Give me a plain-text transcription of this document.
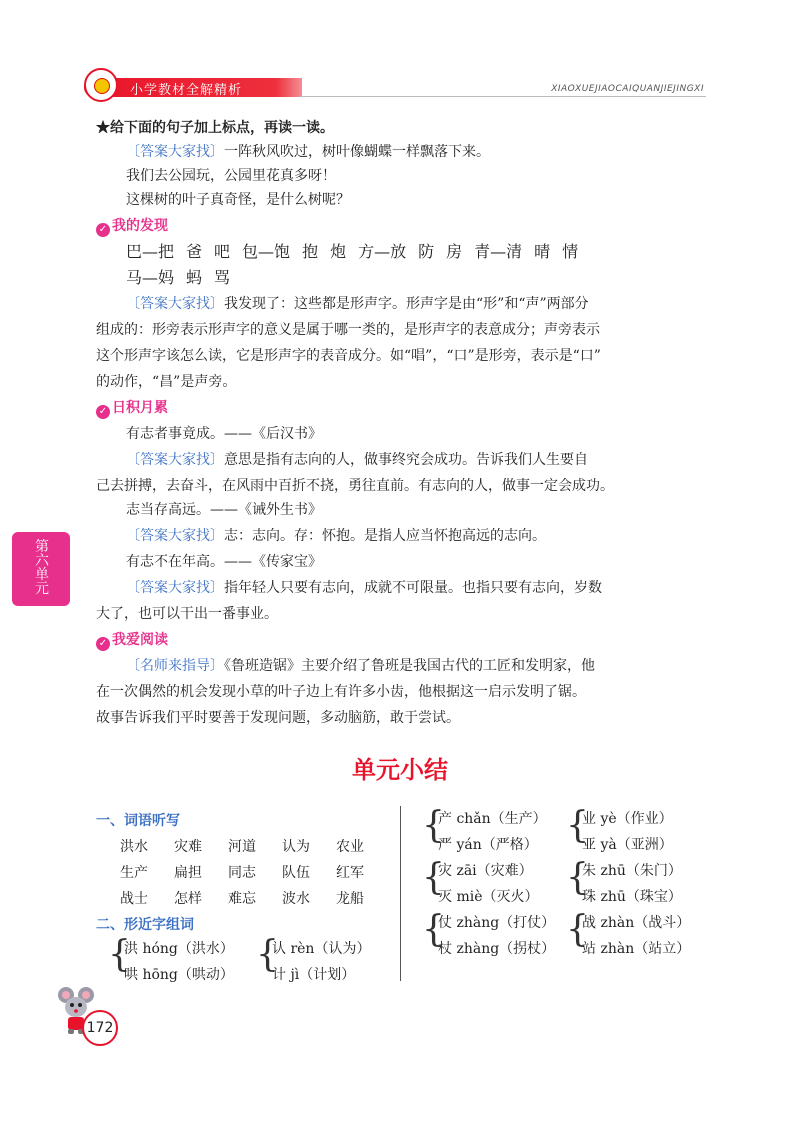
小学教材全解精析	XIAOXUEJIAOCAIQUANJIEJINGXI
第六单元
★给下面的句子加上标点，再读一读。
〔答案大家找〕一阵秋风吹过，树叶像蝴蝶一样飘落下来。
我们去公园玩，公园里花真多呀！
这棵树的叶子真奇怪，是什么树呢？
✓ 我的发现
巴—把 爸 吧 包—饱 抱 炮 方—放 防 房 青—清 晴 情
马—妈 蚂 骂
〔答案大家找〕我发现了：这些都是形声字。形声字是由“形”和“声”两部分
组成的：形旁表示形声字的意义是属于哪一类的，是形声字的表意成分；声旁表示
这个形声字该怎么读，它是形声字的表音成分。如“唱”，“口”是形旁，表示是“口”
的动作，“昌”是声旁。
✓ 日积月累
有志者事竟成。——《后汉书》
〔答案大家找〕意思是指有志向的人，做事终究会成功。告诉我们人生要自
己去拼搏，去奋斗，在风雨中百折不挠，勇往直前。有志向的人，做事一定会成功。
志当存高远。——《诫外生书》
〔答案大家找〕志：志向。存：怀抱。是指人应当怀抱高远的志向。
有志不在年高。——《传家宝》
〔答案大家找〕指年轻人只要有志向，成就不可限量。也指只要有志向，岁数
大了，也可以干出一番事业。
✓ 我爱阅读
〔名师来指导〕《鲁班造锯》主要介绍了鲁班是我国古代的工匠和发明家，他
在一次偶然的机会发现小草的叶子边上有许多小齿，他根据这一启示发明了锯。
故事告诉我们平时要善于发现问题，多动脑筋，敢于尝试。
单元小结
一、词语听写
洪水 灾难 河道 认为 农业
生产 扁担 同志 队伍 红军
战士 怎样 难忘 波水 龙船
二、形近字组词
{
洪 hóng（洪水）
哄 hōng（哄动） {
认 rèn（认为）
计 jì（计划）
{
产 chǎn（生产）
严 yán（严格）
{
灾 zāi（灾难）
灭 miè（灭火）
{
仗 zhàng（打仗）
杖 zhàng（拐杖）
{
业 yè（作业）
亚 yà（亚洲）
{
朱 zhū（朱门）
珠 zhū（珠宝）
{
战 zhàn（战斗）
站 zhàn（站立）
172
